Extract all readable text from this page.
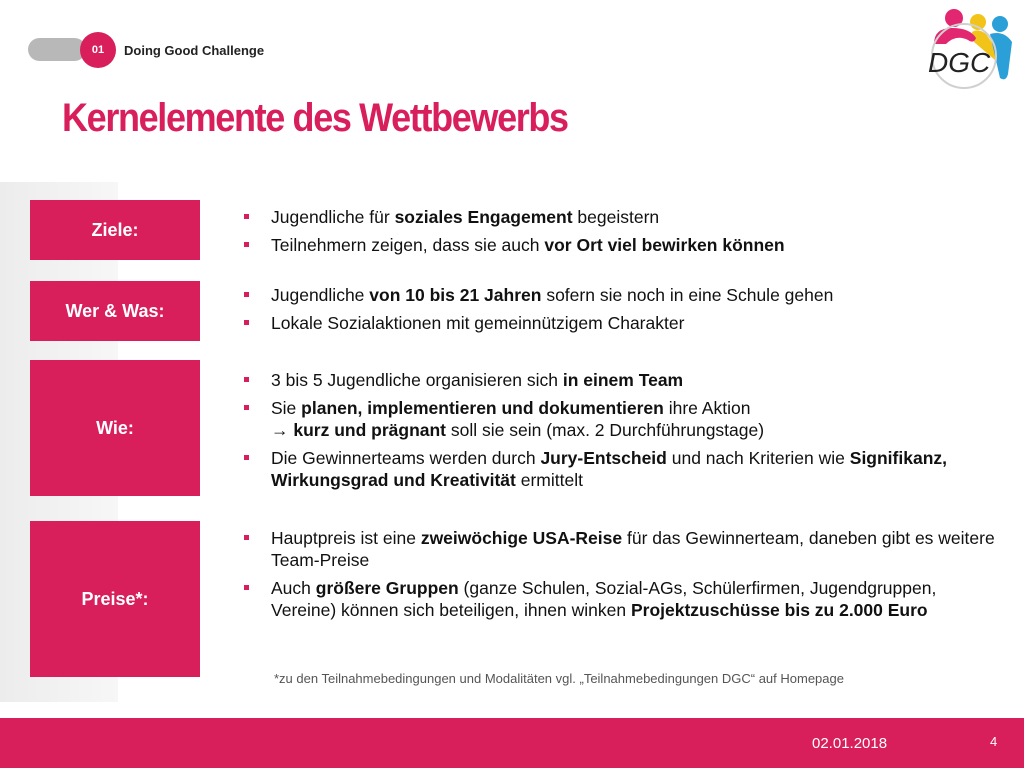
01	Doing Good Challenge
Kernelemente des Wettbewerbs
DGC
Ziele:
Wer & Was:
Wie:
Preise*:
Jugendliche für soziales Engagement begeistern
Teilnehmern zeigen, dass sie auch vor Ort viel bewirken können
Jugendliche von 10 bis 21 Jahren sofern sie noch in eine Schule gehen
Lokale Sozialaktionen mit gemeinnützigem Charakter
3 bis 5 Jugendliche organisieren sich in einem Team
Sie planen, implementieren und dokumentieren ihre Aktion
→ kurz und prägnant soll sie sein (max. 2 Durchführungstage)
Die Gewinnerteams werden durch Jury-Entscheid und nach Kriterien wie Signifikanz, Wirkungsgrad und Kreativität ermittelt
Hauptpreis ist eine zweiwöchige USA-Reise für das Gewinnerteam, daneben gibt es weitere Team-Preise
Auch größere Gruppen (ganze Schulen, Sozial-AGs, Schülerfirmen, Jugendgruppen, Vereine) können sich beteiligen, ihnen winken Projektzuschüsse bis zu 2.000 Euro
*zu den Teilnahmebedingungen und Modalitäten vgl. „Teilnahmebedingungen DGC“ auf Homepage
02.01.2018	4
